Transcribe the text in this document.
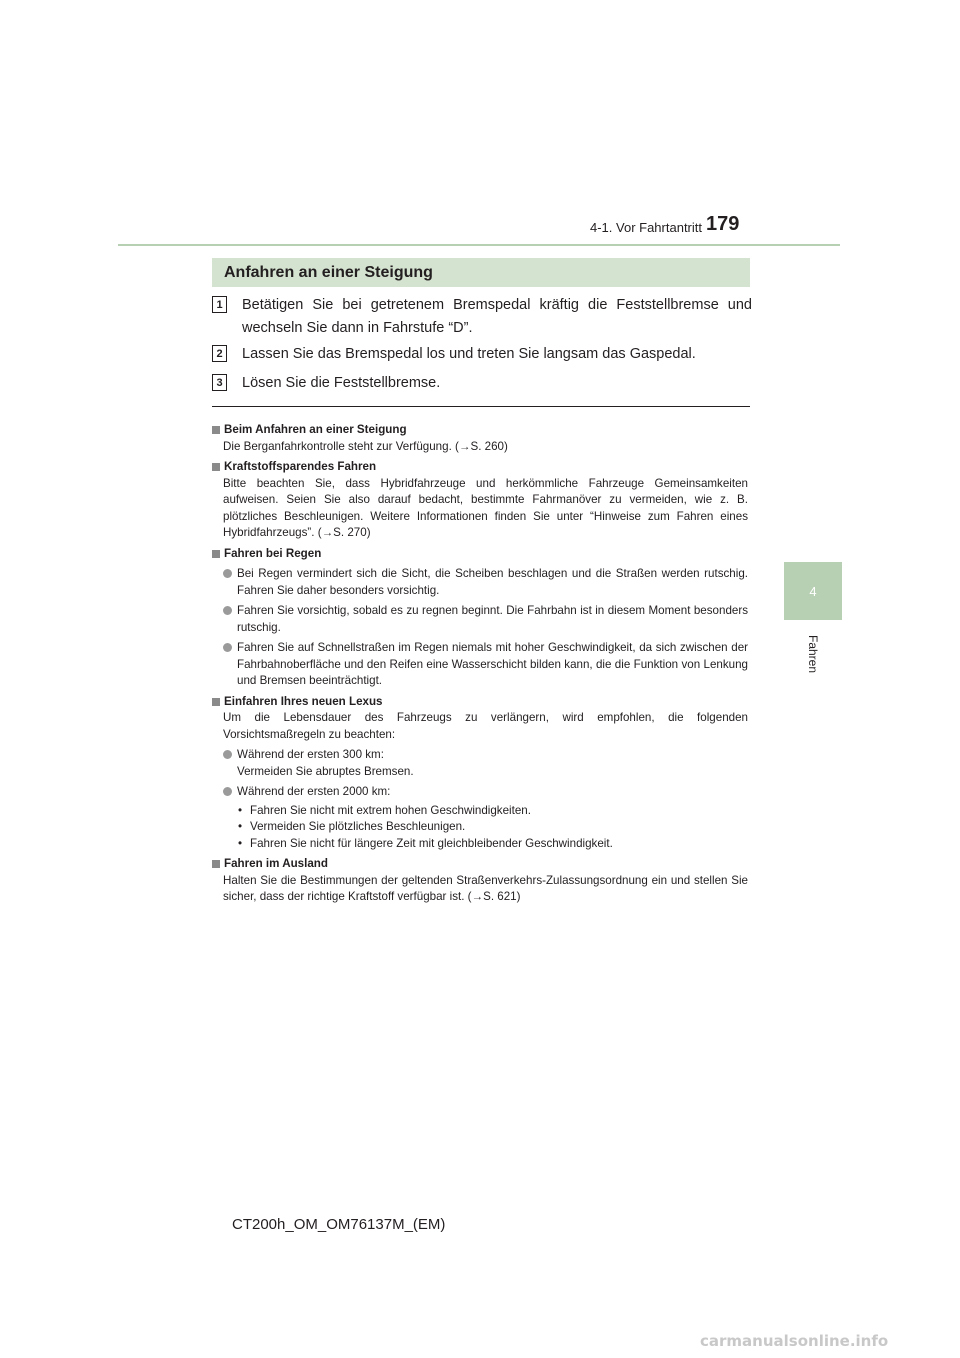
4-1. Vor Fahrtantritt 179
4
Fahren
Anfahren an einer Steigung
1	Betätigen Sie bei getretenem Bremspedal kräftig die Feststellbremse und wechseln Sie dann in Fahrstufe “D”.
2	Lassen Sie das Bremspedal los und treten Sie langsam das Gaspedal.
3	Lösen Sie die Feststellbremse.
Beim Anfahren an einer Steigung
Die Berganfahrkontrolle steht zur Verfügung. (→S. 260)
Kraftstoffsparendes Fahren
Bitte beachten Sie, dass Hybridfahrzeuge und herkömmliche Fahrzeuge Gemeinsamkeiten aufweisen. Seien Sie also darauf bedacht, bestimmte Fahrmanöver zu vermeiden, wie z. B. plötzliches Beschleunigen. Weitere Informationen finden Sie unter “Hinweise zum Fahren eines Hybridfahrzeugs”. (→S. 270)
Fahren bei Regen
Bei Regen vermindert sich die Sicht, die Scheiben beschlagen und die Straßen werden rutschig. Fahren Sie daher besonders vorsichtig.
Fahren Sie vorsichtig, sobald es zu regnen beginnt. Die Fahrbahn ist in diesem Moment besonders rutschig.
Fahren Sie auf Schnellstraßen im Regen niemals mit hoher Geschwindigkeit, da sich zwischen der Fahrbahnoberfläche und den Reifen eine Wasserschicht bilden kann, die die Funktion von Lenkung und Bremsen beeinträchtigt.
Einfahren Ihres neuen Lexus
Um die Lebensdauer des Fahrzeugs zu verlängern, wird empfohlen, die folgenden Vorsichtsmaßregeln zu beachten:
Während der ersten 300 km:
Vermeiden Sie abruptes Bremsen.
Während der ersten 2000 km:
• Fahren Sie nicht mit extrem hohen Geschwindigkeiten.
• Vermeiden Sie plötzliches Beschleunigen.
• Fahren Sie nicht für längere Zeit mit gleichbleibender Geschwindigkeit.
Fahren im Ausland
Halten Sie die Bestimmungen der geltenden Straßenverkehrs-Zulassungsordnung ein und stellen Sie sicher, dass der richtige Kraftstoff verfügbar ist. (→S. 621)
CT200h_OM_OM76137M_(EM)
carmanualsonline.info
